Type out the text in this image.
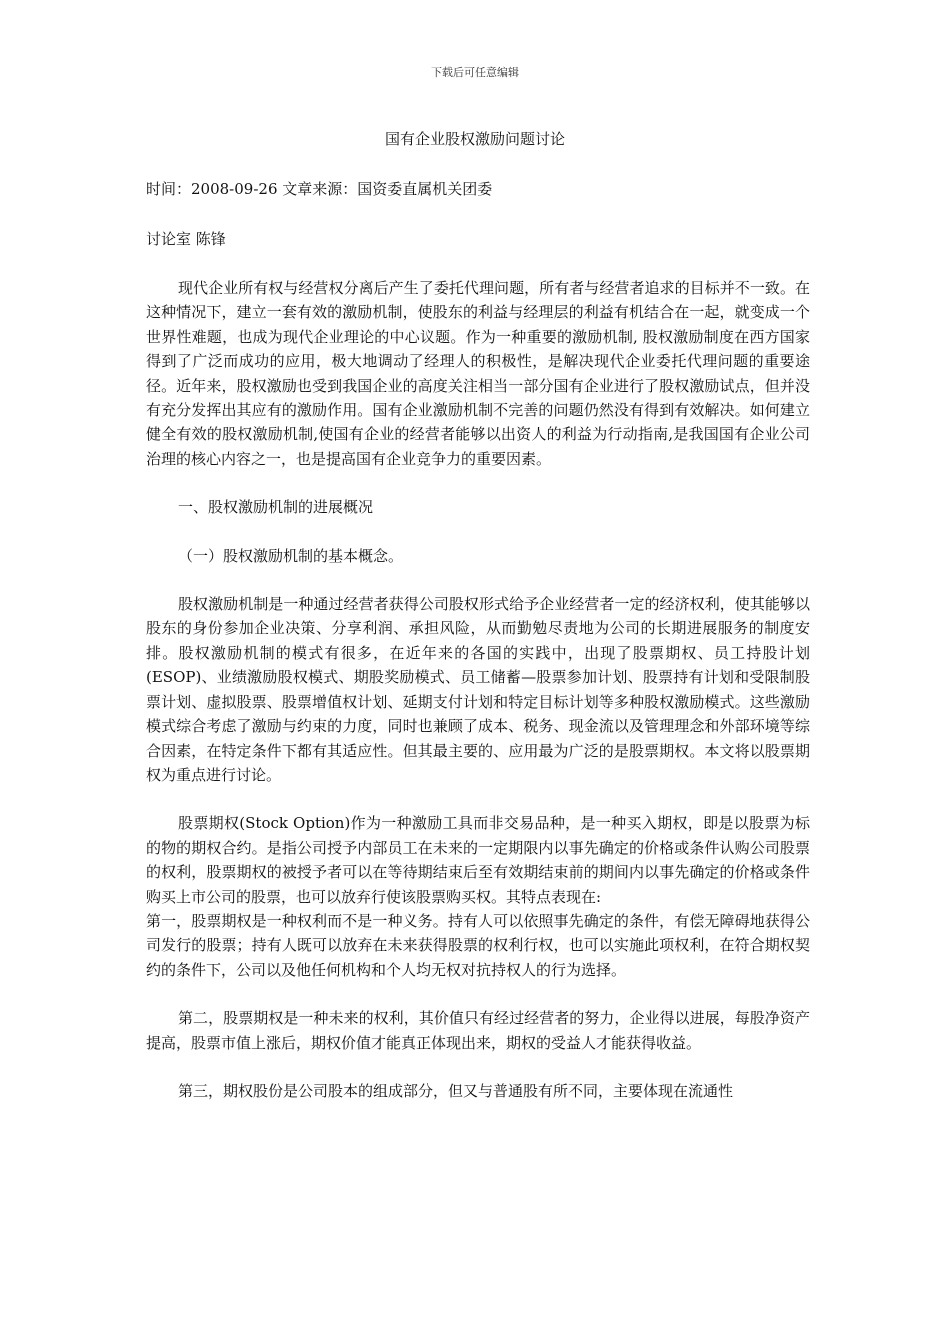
下载后可任意编辑
国有企业股权激励问题讨论
时间：2008-09-26 文章来源：国资委直属机关团委
讨论室 陈锋

现代企业所有权与经营权分离后产生了委托代理问题，所有者与经营者追求的目标并不一致。在这种情况下，建立一套有效的激励机制，使股东的利益与经理层的利益有机结合在一起，就变成一个世界性难题，也成为现代企业理论的中心议题。作为一种重要的激励机制, 股权激励制度在西方国家得到了广泛而成功的应用，极大地调动了经理人的积极性，是解决现代企业委托代理问题的重要途径。近年来，股权激励也受到我国企业的高度关注相当一部分国有企业进行了股权激励试点，但并没有充分发挥出其应有的激励作用。国有企业激励机制不完善的问题仍然没有得到有效解决。如何建立健全有效的股权激励机制,使国有企业的经营者能够以出资人的利益为行动指南,是我国国有企业公司治理的核心内容之一，也是提高国有企业竞争力的重要因素。

一、股权激励机制的进展概况

（一）股权激励机制的基本概念。

股权激励机制是一种通过经营者获得公司股权形式给予企业经营者一定的经济权利，使其能够以股东的身份参加企业决策、分享利润、承担风险，从而勤勉尽责地为公司的长期进展服务的制度安排。股权激励机制的模式有很多，在近年来的各国的实践中，出现了股票期权、员工持股计划(ESOP)、业绩激励股权模式、期股奖励模式、员工储蓄—股票参加计划、股票持有计划和受限制股票计划、虚拟股票、股票增值权计划、延期支付计划和特定目标计划等多种股权激励模式。这些激励模式综合考虑了激励与约束的力度，同时也兼顾了成本、税务、现金流以及管理理念和外部环境等综合因素，在特定条件下都有其适应性。但其最主要的、应用最为广泛的是股票期权。本文将以股票期权为重点进行讨论。

股票期权(Stock Option)作为一种激励工具而非交易品种，是一种买入期权，即是以股票为标的物的期权合约。是指公司授予内部员工在未来的一定期限内以事先确定的价格或条件认购公司股票的权利，股票期权的被授予者可以在等待期结束后至有效期结束前的期间内以事先确定的价格或条件购买上市公司的股票，也可以放弃行使该股票购买权。其特点表现在:

第一，股票期权是一种权利而不是一种义务。持有人可以依照事先确定的条件，有偿无障碍地获得公司发行的股票；持有人既可以放弃在未来获得股票的权利行权，也可以实施此项权利，在符合期权契约的条件下，公司以及他任何机构和个人均无权对抗持权人的行为选择。

第二，股票期权是一种未来的权利，其价值只有经过经营者的努力，企业得以进展，每股净资产提高，股票市值上涨后，期权价值才能真正体现出来，期权的受益人才能获得收益。

第三，期权股份是公司股本的组成部分，但又与普通股有所不同，主要体现在流通性
